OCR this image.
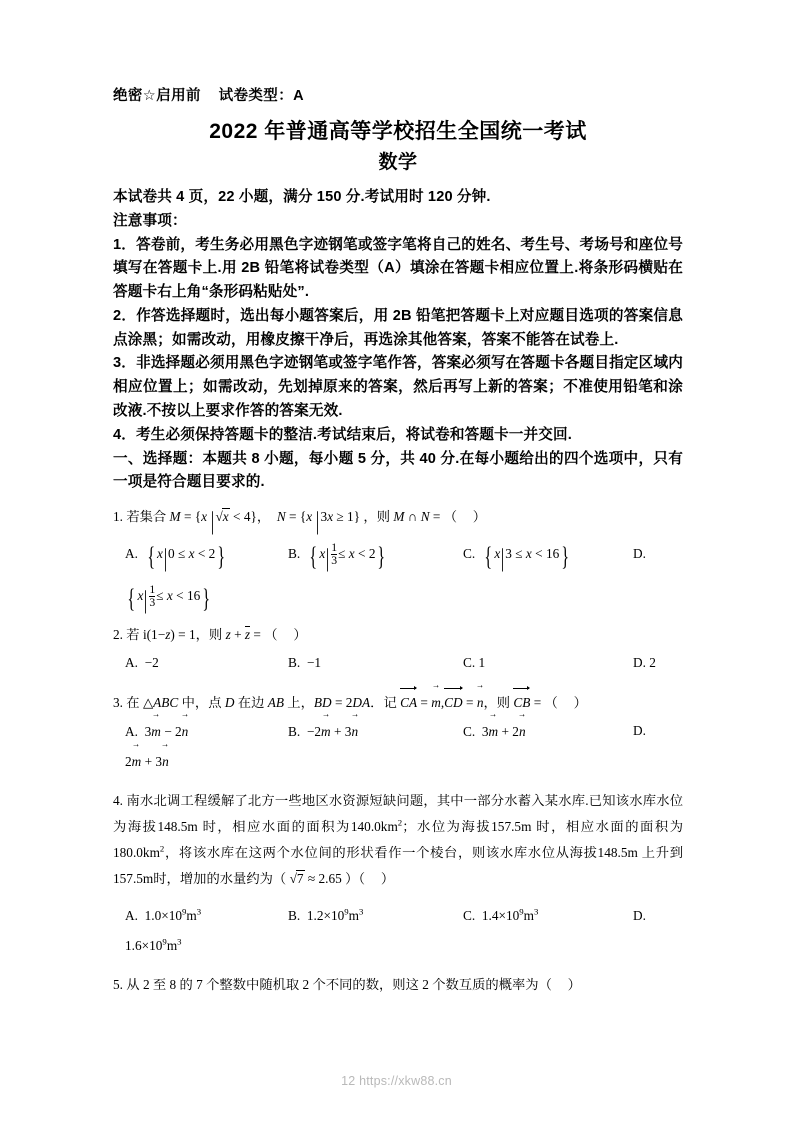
绝密☆启用前    试卷类型：A
2022 年普通高等学校招生全国统一考试
数学

本试卷共 4 页，22 小题，满分 150 分.考试用时 120 分钟.

注意事项：

1．答卷前，考生务必用黑色字迹钢笔或签字笔将自己的姓名、考生号、考场号和座位号填写在答题卡上.用 2B 铅笔将试卷类型（A）填涂在答题卡相应位置上.将条形码横贴在答题卡右上角“条形码粘贴处”.

2．作答选择题时，选出每小题答案后，用 2B 铅笔把答题卡上对应题目选项的答案信息点涂黑；如需改动，用橡皮擦干净后，再选涂其他答案，答案不能答在试卷上.

3．非选择题必须用黑色字迹钢笔或签字笔作答，答案必须写在答题卡各题目指定区域内相应位置上；如需改动，先划掉原来的答案，然后再写上新的答案；不准使用铅笔和涂改液.不按以上要求作答的答案无效.

4．考生必须保持答题卡的整洁.考试结束后，将试卷和答题卡一并交回.

一、选择题：本题共 8 小题，每小题 5 分，共 40 分.在每小题给出的四个选项中，只有一项是符合题目要求的.

1. 若集合 M = {x |√x < 4}，  N = {x |3x ≥ 1} ，则 M ∩ N = （    ）

A. { x|0 ≤ x < 2}	B. { $x| \frac{1}{3} \le x < 2$}	C. { x|3 ≤ x < 16}	D.
{ $x| \frac{1}{3} \le x < 16$}

2. 若 i(1−z) = 1，则 z + z = （    ）

A. −2	B. −1	C. 1	D. 2

3. 在 △ABC 中，点 D 在边 AB 上，BD = 2DA．记 CA = → m,CD = → n，则 CB = （    ）

A. 3→ m − 2→ n	B. −2→ m + 3→ n	C. 3→ m + 2→ n	D.
2→ m + 3→ n

4. 南水北调工程缓解了北方一些地区水资源短缺问题，其中一部分水蓄入某水库.已知该水库水位为海拔148.5m 时，相应水面的面积为$140.0km^2$；水位为海拔157.5m 时，相应水面的面积为$180.0km^2$，将该水库在这两个水位间的形状看作一个棱台，则该水库水位从海拔148.5m 上升到157.5m时，增加的水量约为（ √7 ≈ 2.65 ）（    ）

A. $1.0\times 10^9m^3$	B. $1.2\times 10^9m^3$	C. $1.4\times 10^9m^3$	D.
$1.6\times 10^9m^3$

5. 从 2 至 8 的 7 个整数中随机取 2 个不同的数，则这 2 个数互质的概率为（    ）

12 https://xkw88.cn
